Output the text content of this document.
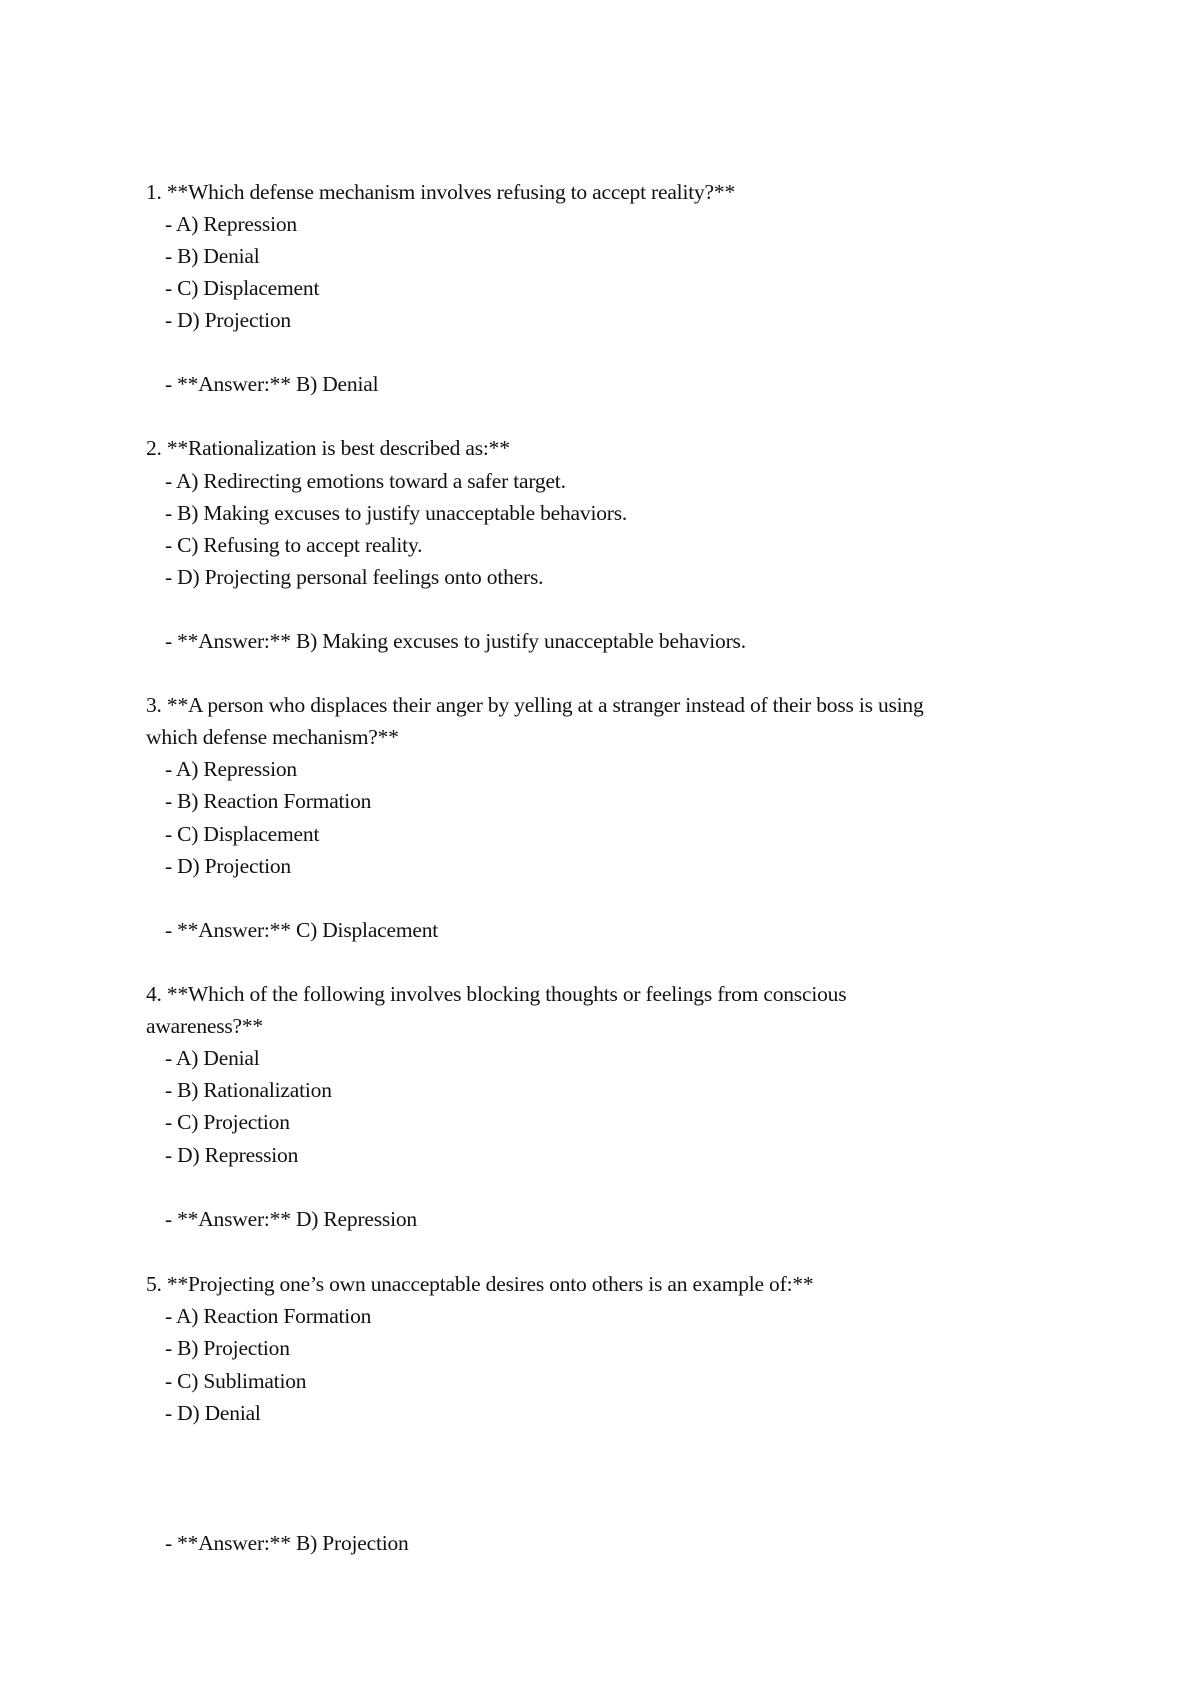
1. **Which defense mechanism involves refusing to accept reality?**
- A) Repression
- B) Denial
- C) Displacement
- D) Projection
- **Answer:** B) Denial
2. **Rationalization is best described as:**
- A) Redirecting emotions toward a safer target.
- B) Making excuses to justify unacceptable behaviors.
- C) Refusing to accept reality.
- D) Projecting personal feelings onto others.
- **Answer:** B) Making excuses to justify unacceptable behaviors.
3. **A person who displaces their anger by yelling at a stranger instead of their boss is using
which defense mechanism?**
- A) Repression
- B) Reaction Formation
- C) Displacement
- D) Projection
- **Answer:** C) Displacement
4. **Which of the following involves blocking thoughts or feelings from conscious
awareness?**
- A) Denial
- B) Rationalization
- C) Projection
- D) Repression
- **Answer:** D) Repression
5. **Projecting one’s own unacceptable desires onto others is an example of:**
- A) Reaction Formation
- B) Projection
- C) Sublimation
- D) Denial
- **Answer:** B) Projection
